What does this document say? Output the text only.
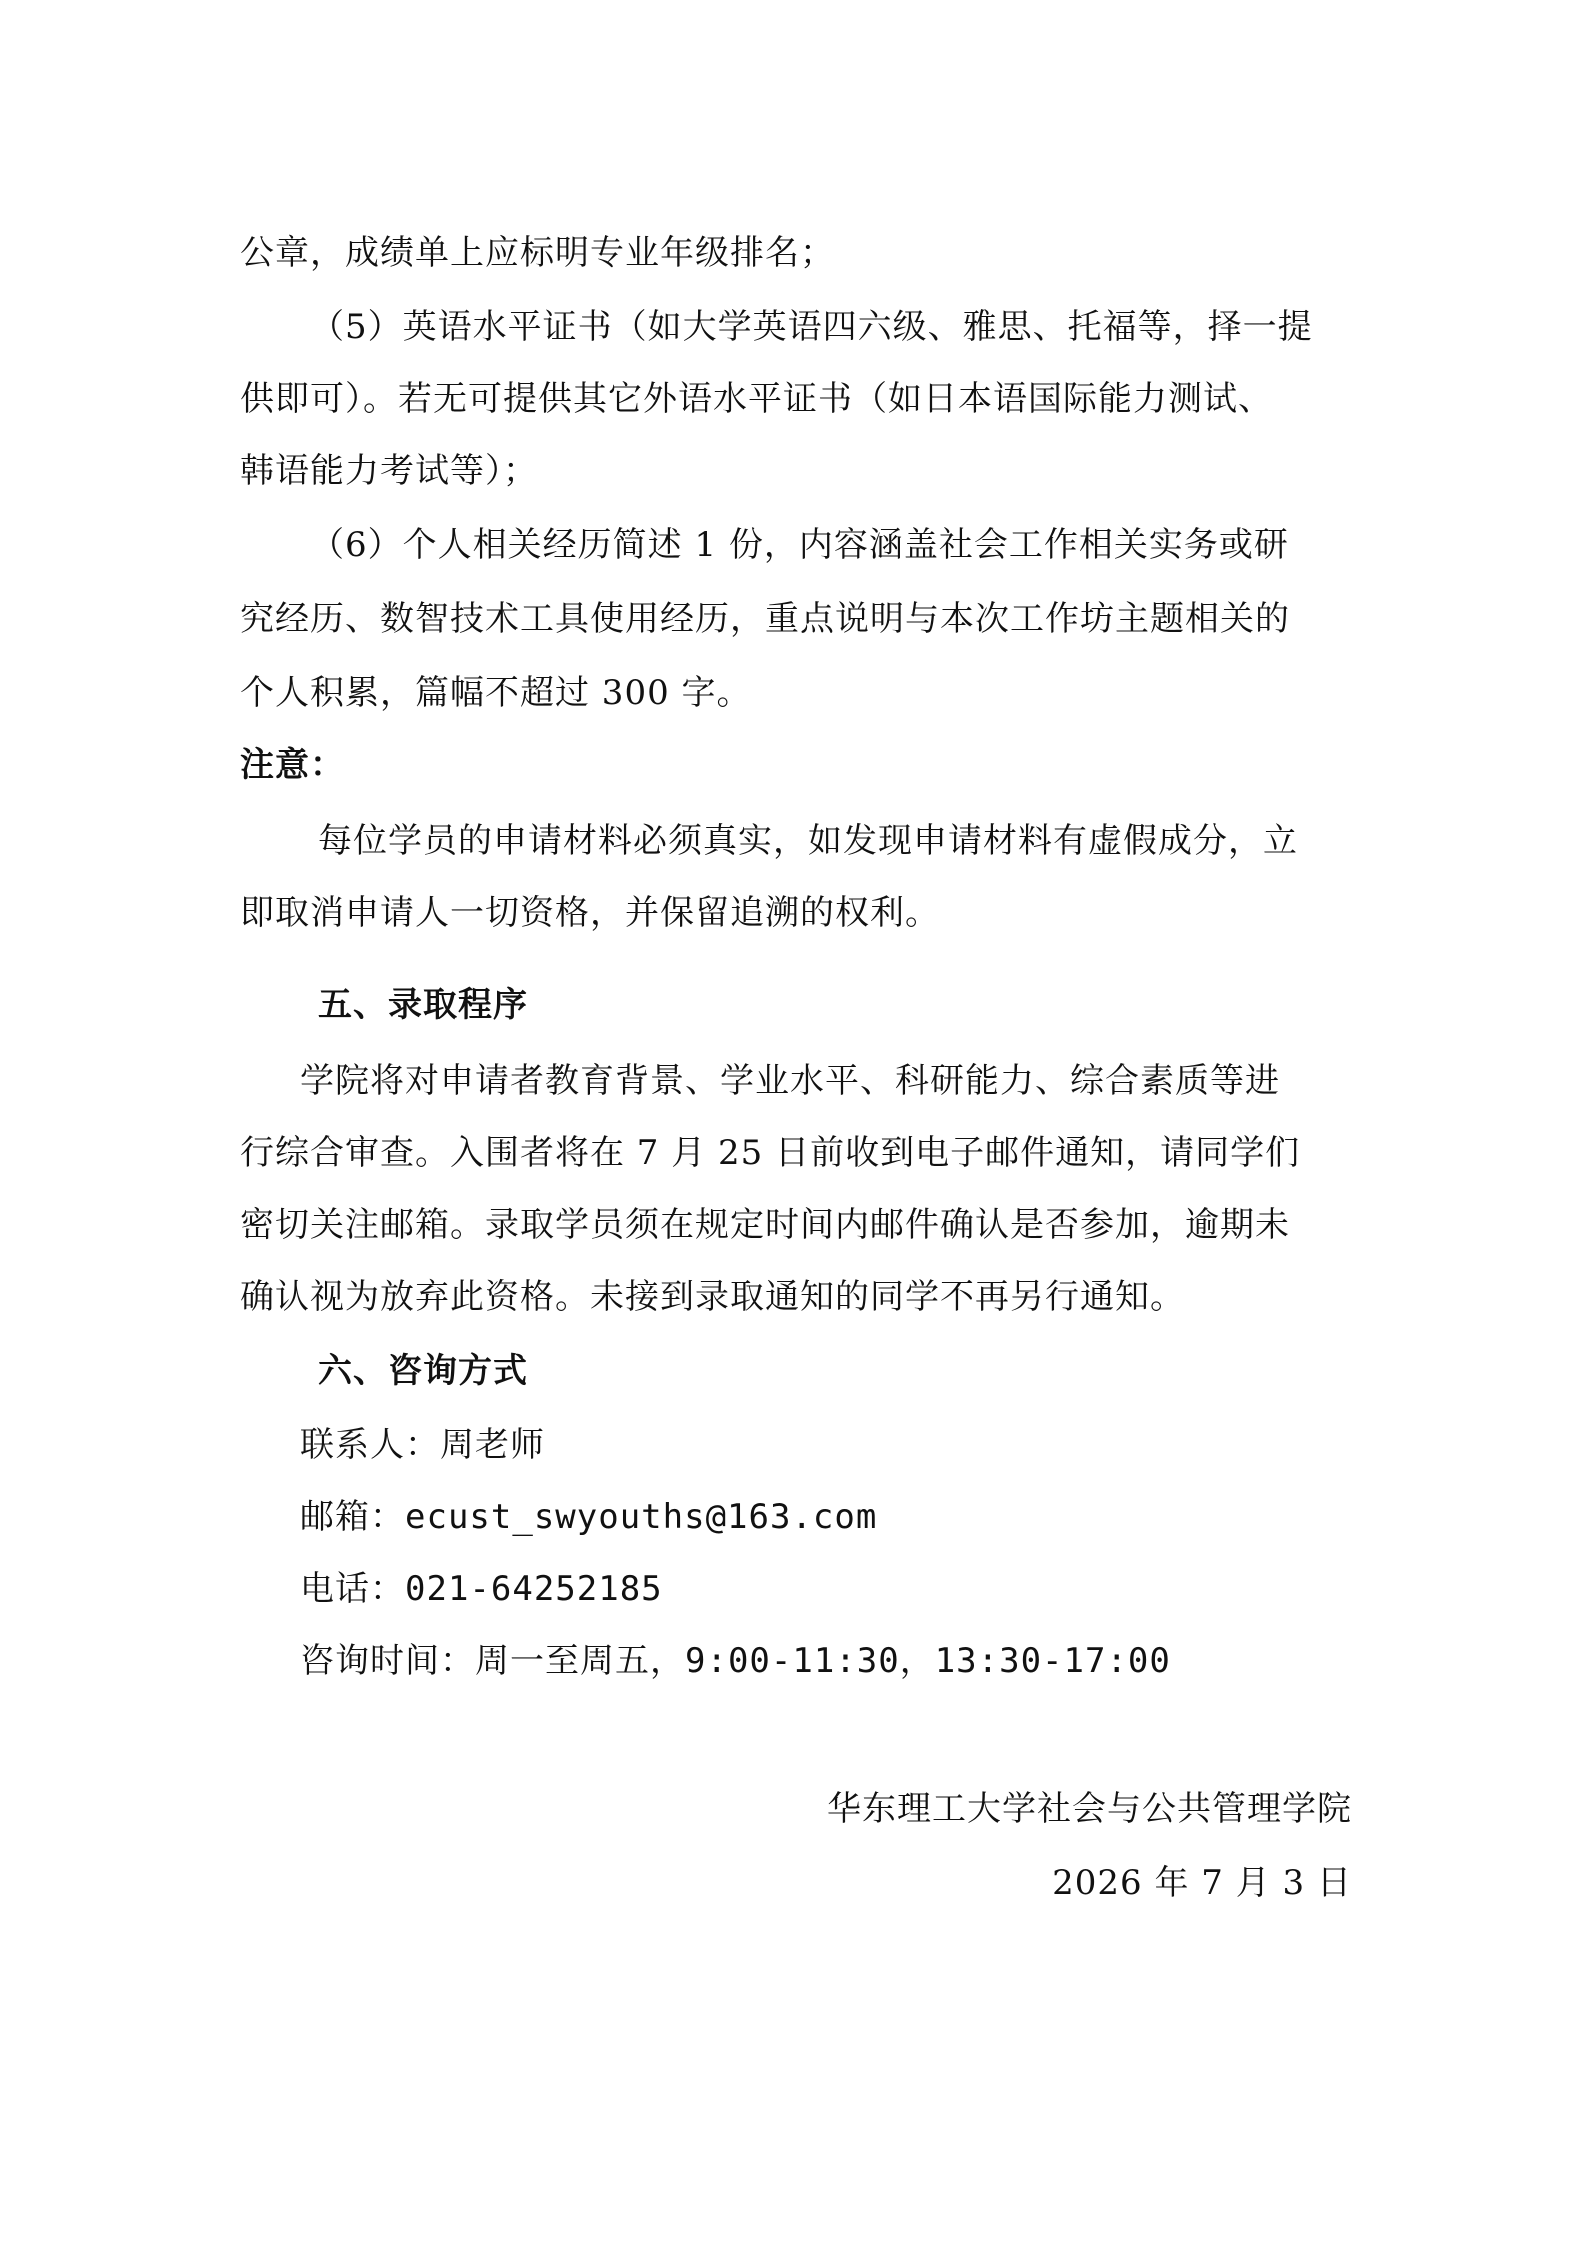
公章，成绩单上应标明专业年级排名；
（5）英语水平证书（如大学英语四六级、雅思、托福等，择一提
供即可）。若无可提供其它外语水平证书（如日本语国际能力测试、
韩语能力考试等）；
（6）个人相关经历简述 1 份，内容涵盖社会工作相关实务或研
究经历、数智技术工具使用经历，重点说明与本次工作坊主题相关的
个人积累，篇幅不超过 300 字。
注意：
每位学员的申请材料必须真实，如发现申请材料有虚假成分，立
即取消申请人一切资格，并保留追溯的权利。
五、录取程序
学院将对申请者教育背景、学业水平、科研能力、综合素质等进
行综合审查。入围者将在 7 月 25 日前收到电子邮件通知，请同学们
密切关注邮箱。录取学员须在规定时间内邮件确认是否参加，逾期未
确认视为放弃此资格。未接到录取通知的同学不再另行通知。
六、咨询方式
联系人：周老师
邮箱：ecust_swyouths@163.com
电话：021-64252185
咨询时间：周一至周五，9:00-11:30，13:30-17:00
华东理工大学社会与公共管理学院
2026 年 7 月 3 日
